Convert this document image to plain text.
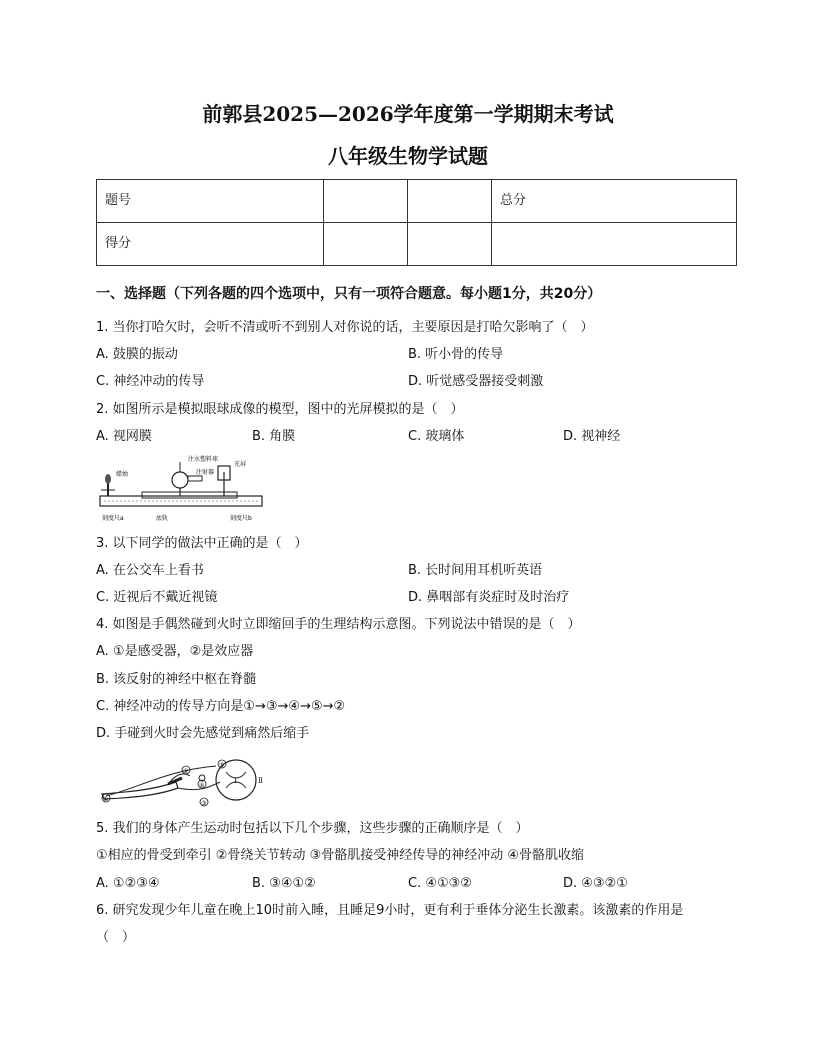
前郭县2025—2026学年度第一学期期末考试
八年级生物学试题
题号			总分
得分			
一、选择题（下列各题的四个选项中，只有一项符合题意。每小题1分，共20分）
1. 当你打哈欠时，会听不清或听不到别人对你说的话，主要原因是打哈欠影响了（　）
A. 鼓膜的振动	B. 听小骨的传导
C. 神经冲动的传导	D. 听觉感受器接受刺激
2. 如图所示是模拟眼球成像的模型，图中的光屏模拟的是（　）
A. 视网膜	B. 角膜	C. 玻璃体	D. 视神经
注水塑料球
光屏
注射器
蜡烛
刻度尺a	刻度尺b
底轨
3. 以下同学的做法中正确的是（　）
A. 在公交车上看书	B. 长时间用耳机听英语
C. 近视后不戴近视镜	D. 鼻咽部有炎症时及时治疗
4. 如图是手偶然碰到火时立即缩回手的生理结构示意图。下列说法中错误的是（　）
A. ①是感受器，②是效应器
B. 该反射的神经中枢在脊髓
C. 神经冲动的传导方向是①→③→④→⑤→②
D. 手碰到火时会先感觉到痛然后缩手
①
②
③
④
⑤
Ⅰ	Ⅱ
5. 我们的身体产生运动时包括以下几个步骤，这些步骤的正确顺序是（　）
①相应的骨受到牵引 ②骨绕关节转动 ③骨骼肌接受神经传导的神经冲动 ④骨骼肌收缩
A. ①②③④	B. ③④①②	C. ④①③②	D. ④③②①
6. 研究发现少年儿童在晚上10时前入睡，且睡足9小时，更有利于垂体分泌生长激素。该激素的作用是
（　）
